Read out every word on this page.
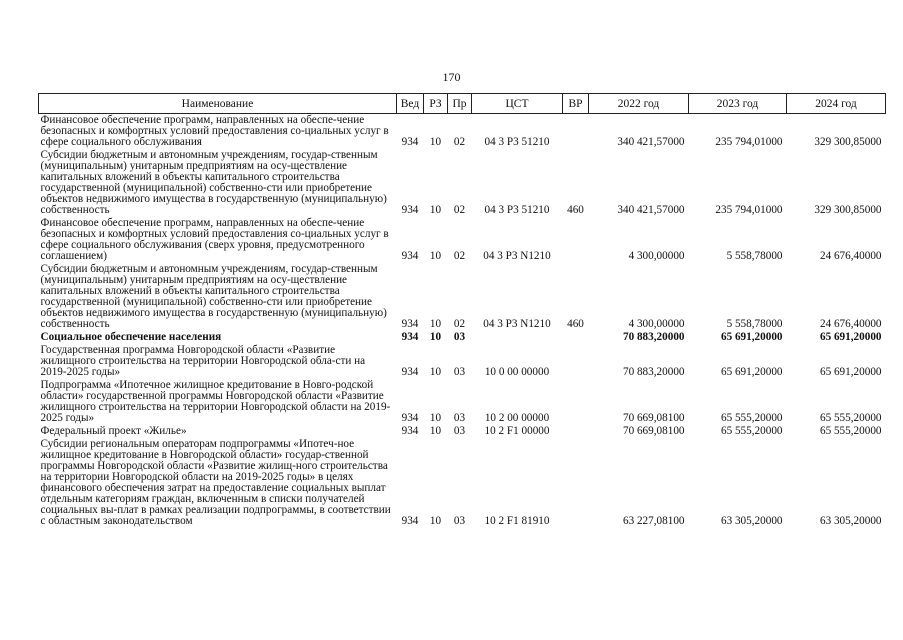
170
Наименование	Вед	РЗ	Пр	ЦСТ	ВР	2022 год	2023 год	2024 год
Финансовое обеспечение программ, направленных на обеспе-чение безопасных и комфортных условий предоставления со-циальных услуг в сфере социального обслуживания	934	10	02	04 3 P3 51210		340 421,57000	235 794,01000	329 300,85000
Субсидии бюджетным и автономным учреждениям, государ-ственным (муниципальным) унитарным предприятиям на осу-ществление капитальных вложений в объекты капитального строительства государственной (муниципальной) собственно-сти или приобретение объектов недвижимого имущества в государственную (муниципальную) собственность	934	10	02	04 3 P3 51210	460	340 421,57000	235 794,01000	329 300,85000
Финансовое обеспечение программ, направленных на обеспе-чение безопасных и комфортных условий предоставления со-циальных услуг в сфере социального обслуживания (сверх уровня, предусмотренного соглашением)	934	10	02	04 3 P3 N1210		4 300,00000	5 558,78000	24 676,40000
Субсидии бюджетным и автономным учреждениям, государ-ственным (муниципальным) унитарным предприятиям на осу-ществление капитальных вложений в объекты капитального строительства государственной (муниципальной) собственно-сти или приобретение объектов недвижимого имущества в государственную (муниципальную) собственность	934	10	02	04 3 P3 N1210	460	4 300,00000	5 558,78000	24 676,40000
Социальное обеспечение населения	934	10	03			70 883,20000	65 691,20000	65 691,20000
Государственная программа Новгородской области «Развитие жилищного строительства на территории Новгородской обла-сти на 2019-2025 годы»	934	10	03	10 0 00 00000		70 883,20000	65 691,20000	65 691,20000
Подпрограмма «Ипотечное жилищное кредитование в Новго-родской области» государственной программы Новгородской области «Развитие жилищного строительства на территории Новгородской области на 2019-2025 годы»	934	10	03	10 2 00 00000		70 669,08100	65 555,20000	65 555,20000
Федеральный проект «Жилье»	934	10	03	10 2 F1 00000		70 669,08100	65 555,20000	65 555,20000
Субсидии региональным операторам подпрограммы «Ипотеч-ное жилищное кредитование в Новгородской области» государ-ственной программы Новгородской области «Развитие жилищ-ного строительства на территории Новгородской области на 2019-2025 годы» в целях финансового обеспечения затрат на предоставление социальных выплат отдельным категориям граждан, включенным в списки получателей социальных вы-плат в рамках реализации подпрограммы, в соответствии с областным законодательством	934	10	03	10 2 F1 81910		63 227,08100	63 305,20000	63 305,20000
